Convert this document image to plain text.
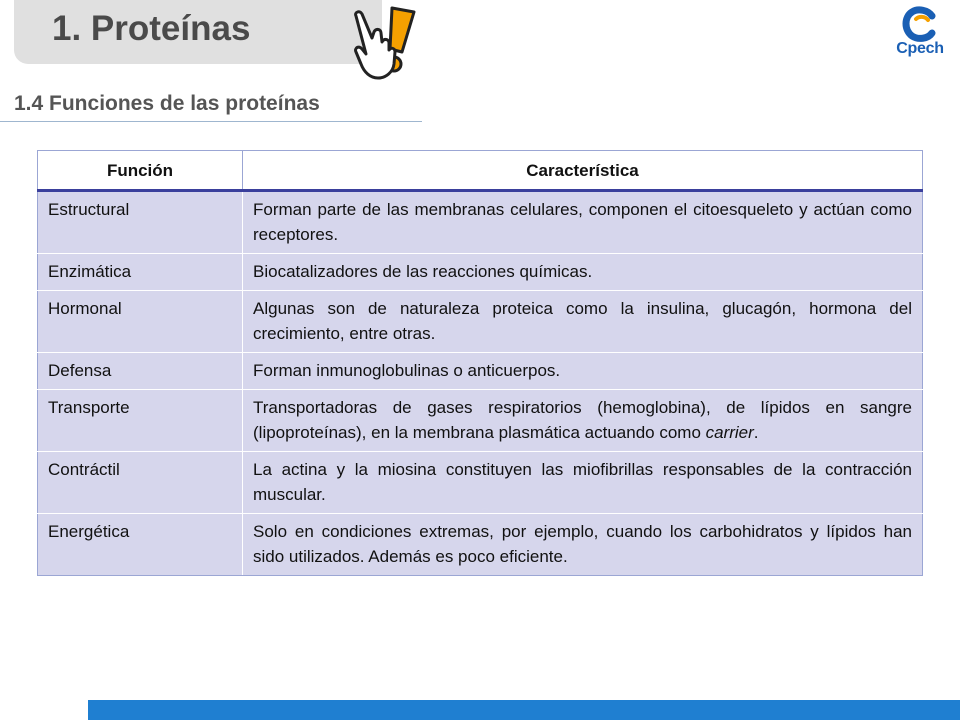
1. Proteínas
Cpech
1.4 Funciones de las proteínas
Función	Característica
Estructural	Forman parte de las membranas celulares, componen el citoesqueleto y actúan como receptores.
Enzimática	Biocatalizadores de las reacciones químicas.
Hormonal	Algunas son de naturaleza proteica como la insulina, glucagón, hormona del crecimiento, entre otras.
Defensa	Forman inmunoglobulinas o anticuerpos.
Transporte	Transportadoras de gases respiratorios (hemoglobina), de lípidos en sangre (lipoproteínas), en la membrana plasmática actuando como carrier.
Contráctil	La actina y la miosina constituyen las miofibrillas responsables de la contracción muscular.
Energética	Solo en condiciones extremas, por ejemplo, cuando los carbohidratos y lípidos han sido utilizados. Además es poco eficiente.
